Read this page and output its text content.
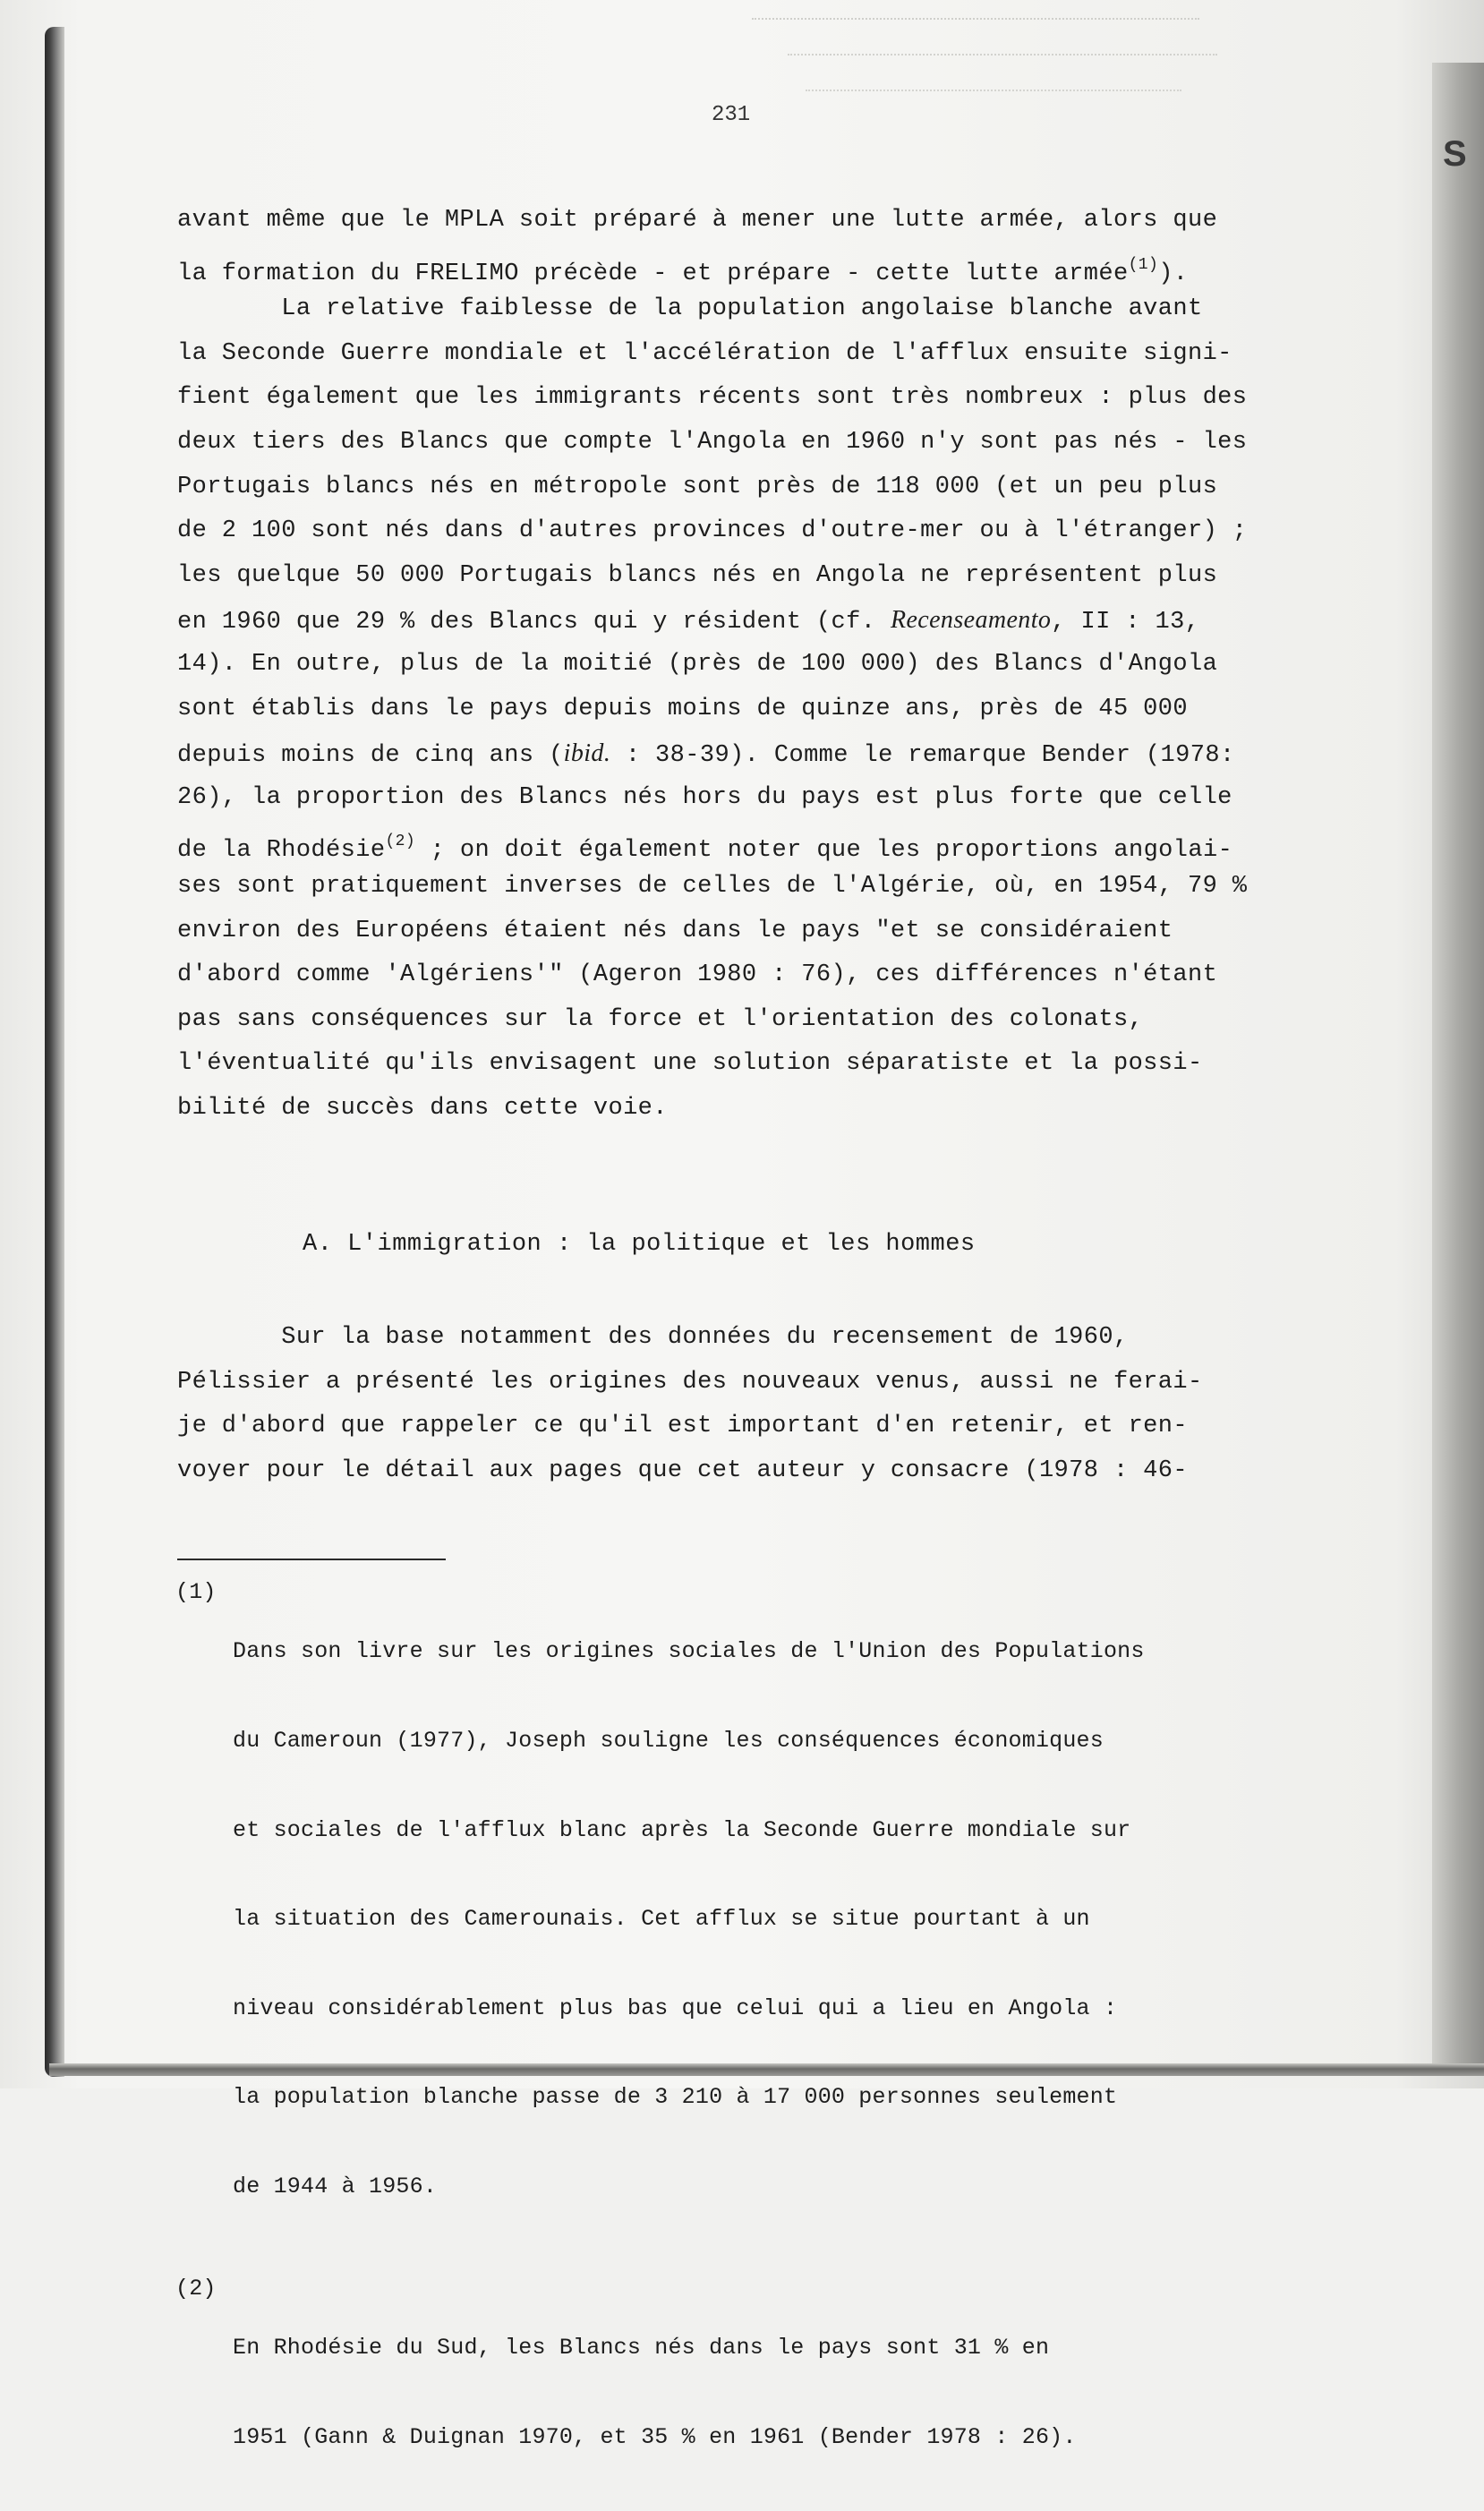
S
231
avant même que le MPLA soit préparé à mener une lutte armée, alors que
la formation du FRELIMO précède - et prépare - cette lutte armée$^{(1)}$).
La relative faiblesse de la population angolaise blanche avant
la Seconde Guerre mondiale et l'accélération de l'afflux ensuite signi-
fient également que les immigrants récents sont très nombreux : plus des
deux tiers des Blancs que compte l'Angola en 1960 n'y sont pas nés - les
Portugais blancs nés en métropole sont près de 118 000 (et un peu plus
de 2 100 sont nés dans d'autres provinces d'outre-mer ou à l'étranger) ;
les quelque 50 000 Portugais blancs nés en Angola ne représentent plus
en 1960 que 29 % des Blancs qui y résident (cf. Recenseamento, II : 13,
14). En outre, plus de la moitié (près de 100 000) des Blancs d'Angola
sont établis dans le pays depuis moins de quinze ans, près de 45 000
depuis moins de cinq ans (ibid. : 38-39). Comme le remarque Bender (1978:
26), la proportion des Blancs nés hors du pays est plus forte que celle
de la Rhodésie$^{(2)}$ ; on doit également noter que les proportions angolai-
ses sont pratiquement inverses de celles de l'Algérie, où, en 1954, 79 %
environ des Européens étaient nés dans le pays "et se considéraient
d'abord comme 'Algériens'" (Ageron 1980 : 76), ces différences n'étant
pas sans conséquences sur la force et l'orientation des colonats,
l'éventualité qu'ils envisagent une solution séparatiste et la possi-
bilité de succès dans cette voie.
A. L'immigration : la politique et les hommes
Sur la base notamment des données du recensement de 1960,
Pélissier a présenté les origines des nouveaux venus, aussi ne ferai-
je d'abord que rappeler ce qu'il est important d'en retenir, et ren-
voyer pour le détail aux pages que cet auteur y consacre (1978 : 46-
(1)

Dans son livre sur les origines sociales de l'Union des Populations

du Cameroun (1977), Joseph souligne les conséquences économiques

et sociales de l'afflux blanc après la Seconde Guerre mondiale sur

la situation des Camerounais. Cet afflux se situe pourtant à un

niveau considérablement plus bas que celui qui a lieu en Angola :

la population blanche passe de 3 210 à 17 000 personnes seulement

de 1944 à 1956.

(2)

En Rhodésie du Sud, les Blancs nés dans le pays sont 31 % en

1951 (Gann & Duignan 1970, et 35 % en 1961 (Bender 1978 : 26).
